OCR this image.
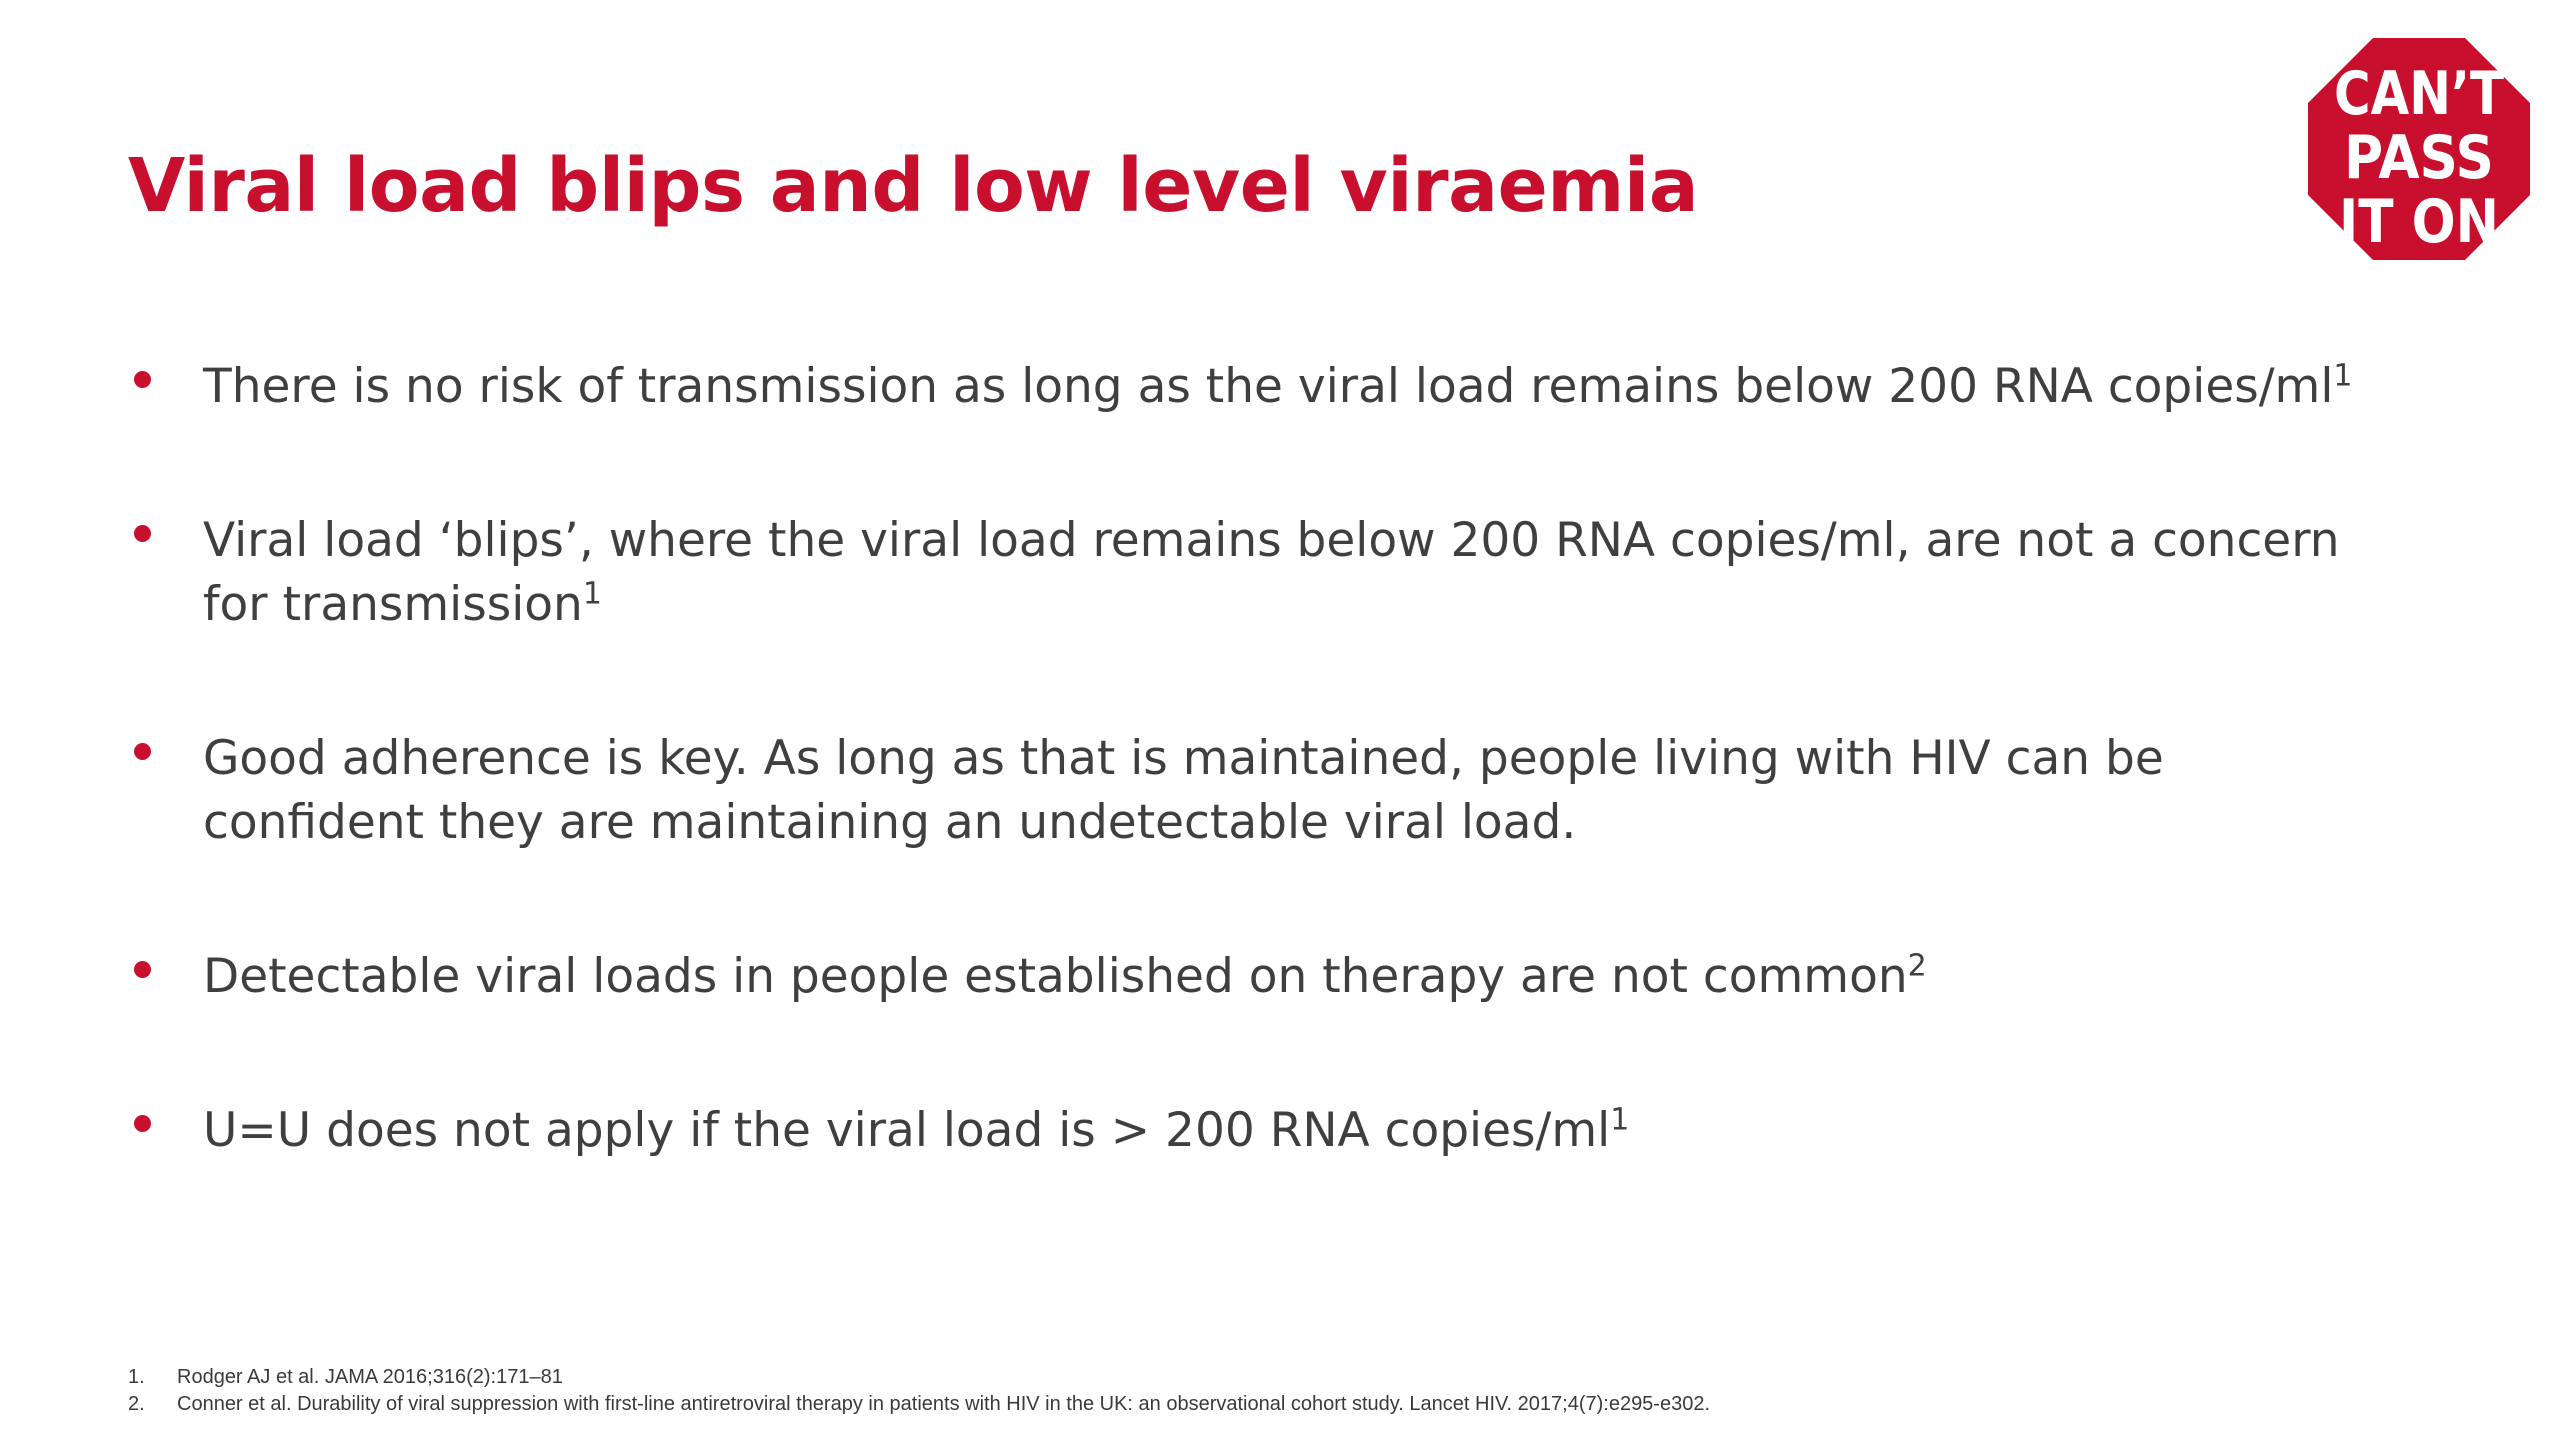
Viral load blips and low level viraemia
CAN’T
PASS
IT ON
There is no risk of transmission as long as the viral load remains below 200 RNA copies/$ml^1$
Viral load ‘blips’, where the viral load remains below 200 RNA copies/ml, are not a concern for transmission$^1$
Good adherence is key. As long as that is maintained, people living with HIV can be confident they are maintaining an undetectable viral load.
Detectable viral loads in people established on therapy are not common$^2$
U=U does not apply if the viral load is > 200 RNA copies/$ml^1$
1. Rodger AJ et al. JAMA 2016;316(2):171–81
2. Conner et al. Durability of viral suppression with first-line antiretroviral therapy in patients with HIV in the UK: an observational cohort study. Lancet HIV. 2017;4(7):e295-e302.
